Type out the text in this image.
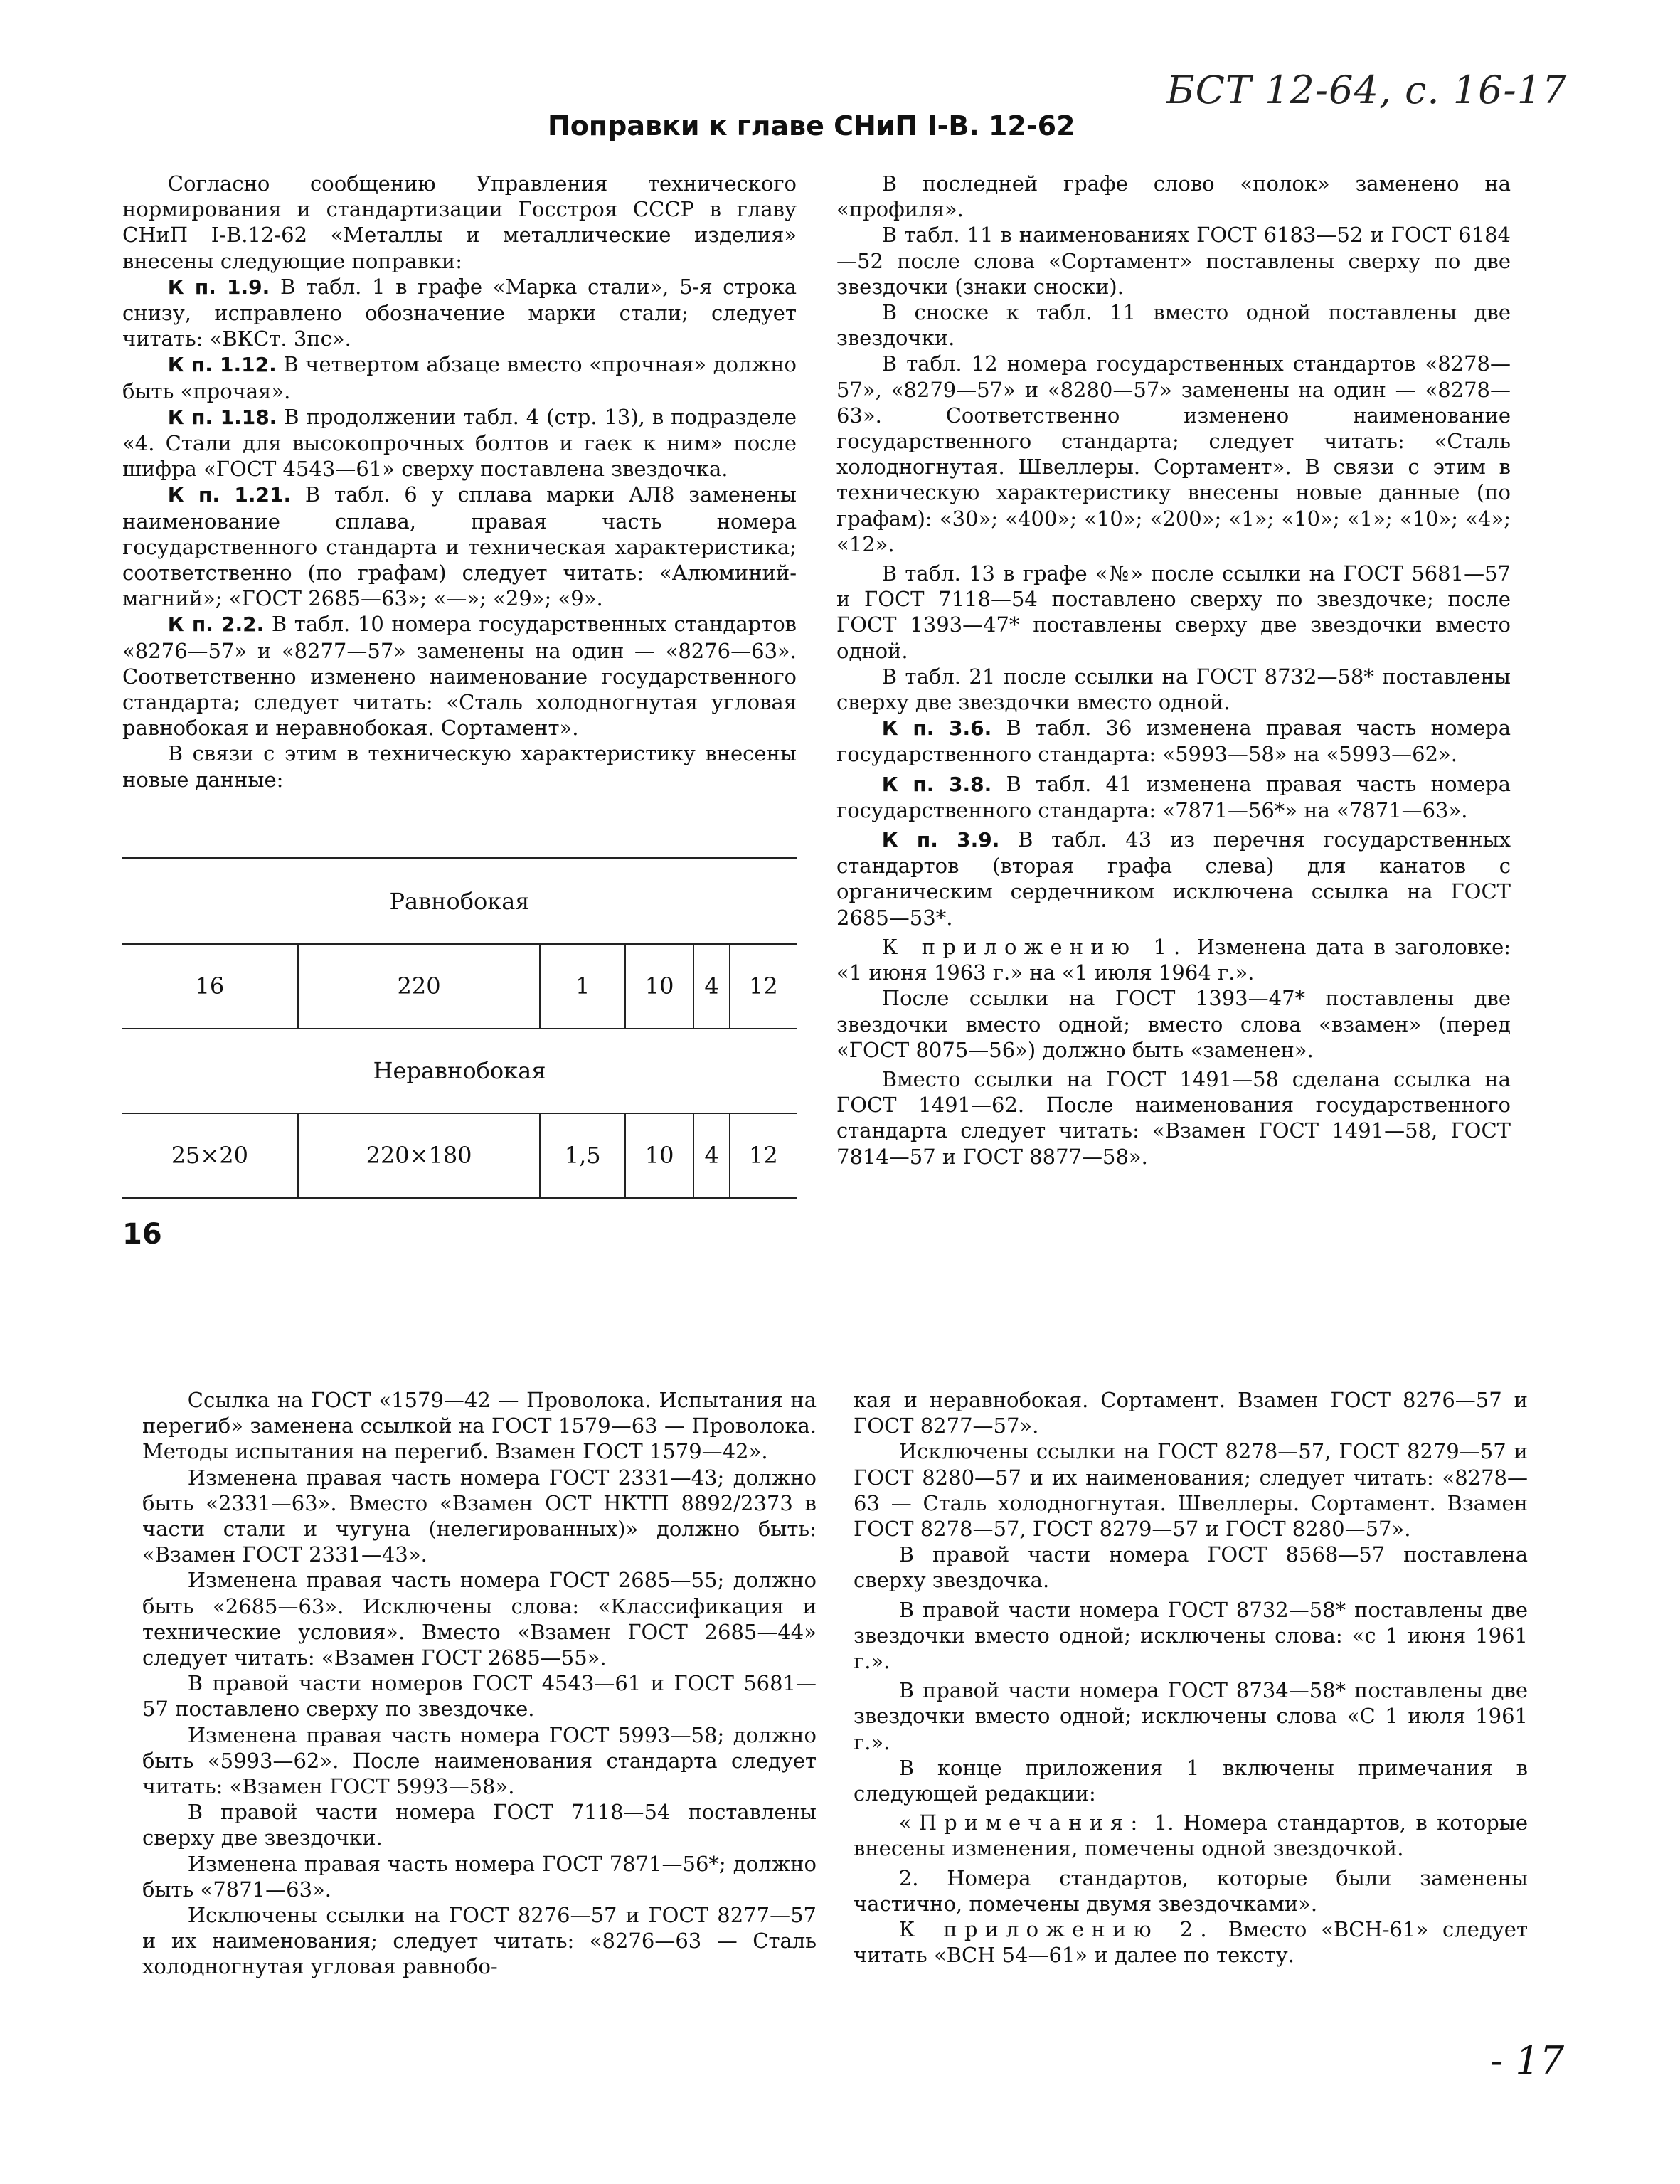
БСТ 12-64, с. 16-17
Поправки к главе СНиП I-В. 12-62

Согласно сообщению Управления технического нормирования и стандартизации Госстроя СССР в главу СНиП I-В.12-62 «Металлы и металлические изделия» внесены следующие поправки:

К п. 1.9. В табл. 1 в графе «Марка стали», 5-я строка снизу, исправлено обозначение марки стали; следует читать: «ВКСт. 3пс».

К п. 1.12. В четвертом абзаце вместо «прочная» должно быть «прочая».

К п. 1.18. В продолжении табл. 4 (стр. 13), в подразделе «4. Стали для высокопрочных болтов и гаек к ним» после шифра «ГОСТ 4543—61» сверху поставлена звездочка.

К п. 1.21. В табл. 6 у сплава марки АЛ8 заменены наименование сплава, правая часть номера государственного стандарта и техническая характеристика; соответственно (по графам) следует читать: «Алюминий-магний»; «ГОСТ 2685—63»; «—»; «29»; «9».

К п. 2.2. В табл. 10 номера государственных стандартов «8276—57» и «8277—57» заменены на один — «8276—63». Соответственно изменено наименование государственного стандарта; следует читать: «Сталь холодногнутая угловая равнобокая и неравнобокая. Сортамент».

В связи с этим в техническую характеристику внесены новые данные:

Равнобокая					
16	220	1	10	4	12
Неравнобокая					
25×20	220×180	1,5	10	4	12

В последней графе слово «полок» заменено на «профиля».

В табл. 11 в наименованиях ГОСТ 6183—52 и ГОСТ 6184—52 после слова «Сортамент» поставлены сверху по две звездочки (знаки сноски).

В сноске к табл. 11 вместо одной поставлены две звездочки.

В табл. 12 номера государственных стандартов «8278—57», «8279—57» и «8280—57» заменены на один — «8278—63». Соответственно изменено наименование государственного стандарта; следует читать: «Сталь холодногнутая. Швеллеры. Сортамент». В связи с этим в техническую характеристику внесены новые данные (по графам): «30»; «400»; «10»; «200»; «1»; «10»; «1»; «10»; «4»; «12».

В табл. 13 в графе «№» после ссылки на ГОСТ 5681—57 и ГОСТ 7118—54 поставлено сверху по звездочке; после ГОСТ 1393—47* поставлены сверху две звездочки вместо одной.

В табл. 21 после ссылки на ГОСТ 8732—58* поставлены сверху две звездочки вместо одной.

К п. 3.6. В табл. 36 изменена правая часть номера государственного стандарта: «5993—58» на «5993—62».

К п. 3.8. В табл. 41 изменена правая часть номера государственного стандарта: «7871—56*» на «7871—63».

К п. 3.9. В табл. 43 из перечня государственных стандартов (вторая графа слева) для канатов с органическим сердечником исключена ссылка на ГОСТ 2685—53*.

К приложению 1. Изменена дата в заголовке: «1 июня 1963 г.» на «1 июля 1964 г.».

После ссылки на ГОСТ 1393—47* поставлены две звездочки вместо одной; вместо слова «взамен» (перед «ГОСТ 8075—56») должно быть «заменен».

Вместо ссылки на ГОСТ 1491—58 сделана ссылка на ГОСТ 1491—62. После наименования государственного стандарта следует читать: «Взамен ГОСТ 1491—58, ГОСТ 7814—57 и ГОСТ 8877—58».

16

Ссылка на ГОСТ «1579—42 — Проволока. Испытания на перегиб» заменена ссылкой на ГОСТ 1579—63 — Проволока. Методы испытания на перегиб. Взамен ГОСТ 1579—42».

Изменена правая часть номера ГОСТ 2331—43; должно быть «2331—63». Вместо «Взамен ОСТ НКТП 8892/2373 в части стали и чугуна (нелегированных)» должно быть: «Взамен ГОСТ 2331—43».

Изменена правая часть номера ГОСТ 2685—55; должно быть «2685—63». Исключены слова: «Классификация и технические условия». Вместо «Взамен ГОСТ 2685—44» следует читать: «Взамен ГОСТ 2685—55».

В правой части номеров ГОСТ 4543—61 и ГОСТ 5681—57 поставлено сверху по звездочке.

Изменена правая часть номера ГОСТ 5993—58; должно быть «5993—62». После наименования стандарта следует читать: «Взамен ГОСТ 5993—58».

В правой части номера ГОСТ 7118—54 поставлены сверху две звездочки.

Изменена правая часть номера ГОСТ 7871—56*; должно быть «7871—63».

Исключены ссылки на ГОСТ 8276—57 и ГОСТ 8277—57 и их наименования; следует читать: «8276—63 — Сталь холодногнутая угловая равнобо-

кая и неравнобокая. Сортамент. Взамен ГОСТ 8276—57 и ГОСТ 8277—57».

Исключены ссылки на ГОСТ 8278—57, ГОСТ 8279—57 и ГОСТ 8280—57 и их наименования; следует читать: «8278—63 — Сталь холодногнутая. Швеллеры. Сортамент. Взамен ГОСТ 8278—57, ГОСТ 8279—57 и ГОСТ 8280—57».

В правой части номера ГОСТ 8568—57 поставлена сверху звездочка.

В правой части номера ГОСТ 8732—58* поставлены две звездочки вместо одной; исключены слова: «с 1 июня 1961 г.».

В правой части номера ГОСТ 8734—58* поставлены две звездочки вместо одной; исключены слова «С 1 июля 1961 г.».

В конце приложения 1 включены примечания в следующей редакции:

«Примечания: 1. Номера стандартов, в которые внесены изменения, помечены одной звездочкой.

2. Номера стандартов, которые были заменены частично, помечены двумя звездочками».

К приложению 2. Вместо «ВСН-61» следует читать «ВСН 54—61» и далее по тексту.

- 17
